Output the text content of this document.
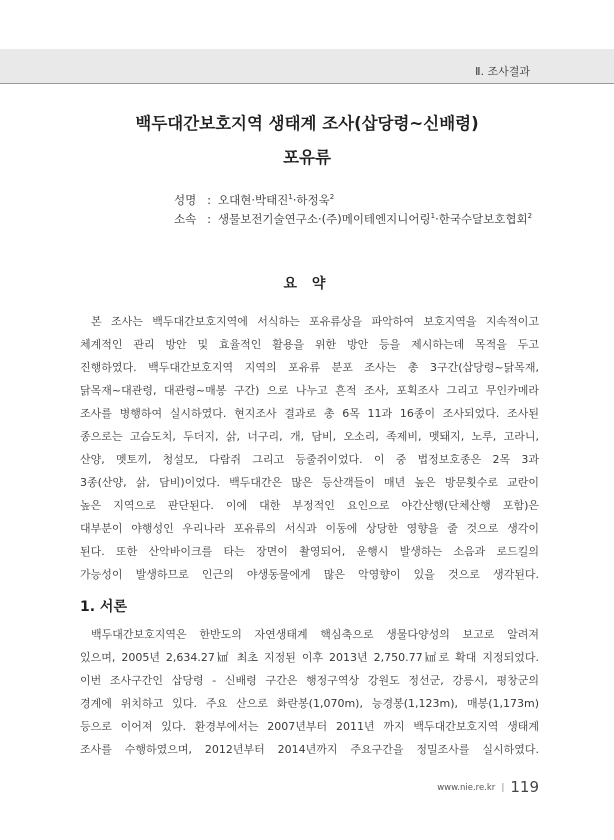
Ⅱ. 조사결과
백두대간보호지역 생태계 조사(삽당령~신배령)
포유류
성명 : 오대현·박태진$^1$·하정욱$^2$
소속 : 생물보전기술연구소·(주)메이테엔지니어링$^1$·한국수달보호협회$^2$
요 약
본 조사는 백두대간보호지역에 서식하는 포유류상을 파악하여 보호지역을 지속적이고
체계적인 관리 방안 및 효율적인 활용을 위한 방안 등을 제시하는데 목적을 두고
진행하였다. 백두대간보호지역 지역의 포유류 분포 조사는 총 3구간(삽당령~닭목재,
닭목재~대관령, 대관령~매봉 구간) 으로 나누고 흔적 조사, 포획조사 그리고 무인카메라
조사를 병행하여 실시하였다. 현지조사 결과로 총 6목 11과 16종이 조사되었다. 조사된
종으로는 고슴도치, 두더지, 삵, 너구리, 개, 담비, 오소리, 족제비, 멧돼지, 노루, 고라니,
산양, 멧토끼, 청설모, 다람쥐 그리고 등줄쥐이었다. 이 중 법정보호종은 2목 3과
3종(산양, 삵, 담비)이었다. 백두대간은 많은 등산객들이 매년 높은 방문횟수로 교란이
높은 지역으로 판단된다. 이에 대한 부정적인 요인으로 야간산행(단체산행 포함)은
대부분이 야행성인 우리나라 포유류의 서식과 이동에 상당한 영향을 줄 것으로 생각이
된다. 또한 산악바이크를 타는 장면이 촬영되어, 운행시 발생하는 소음과 로드킬의
가능성이 발생하므로 인근의 야생동물에게 많은 악영향이 있을 것으로 생각된다.
1. 서론
백두대간보호지역은 한반도의 자연생태계 핵심축으로 생물다양성의 보고로 알려져
있으며, 2005년 2,634.27㎢ 최초 지정된 이후 2013년 2,750.77㎢로 확대 지정되었다.
이번 조사구간인 삽당령 - 신배령 구간은 행정구역상 강원도 정선군, 강릉시, 평창군의
경계에 위치하고 있다. 주요 산으로 화란봉(1,070m), 능경봉(1,123m), 매봉(1,173m)
등으로 이어져 있다. 환경부에서는 2007년부터 2011년 까지 백두대간보호지역 생태계
조사를 수행하였으며, 2012년부터 2014년까지 주요구간을 정밀조사를 실시하였다.
www.nie.re.kr | 119
